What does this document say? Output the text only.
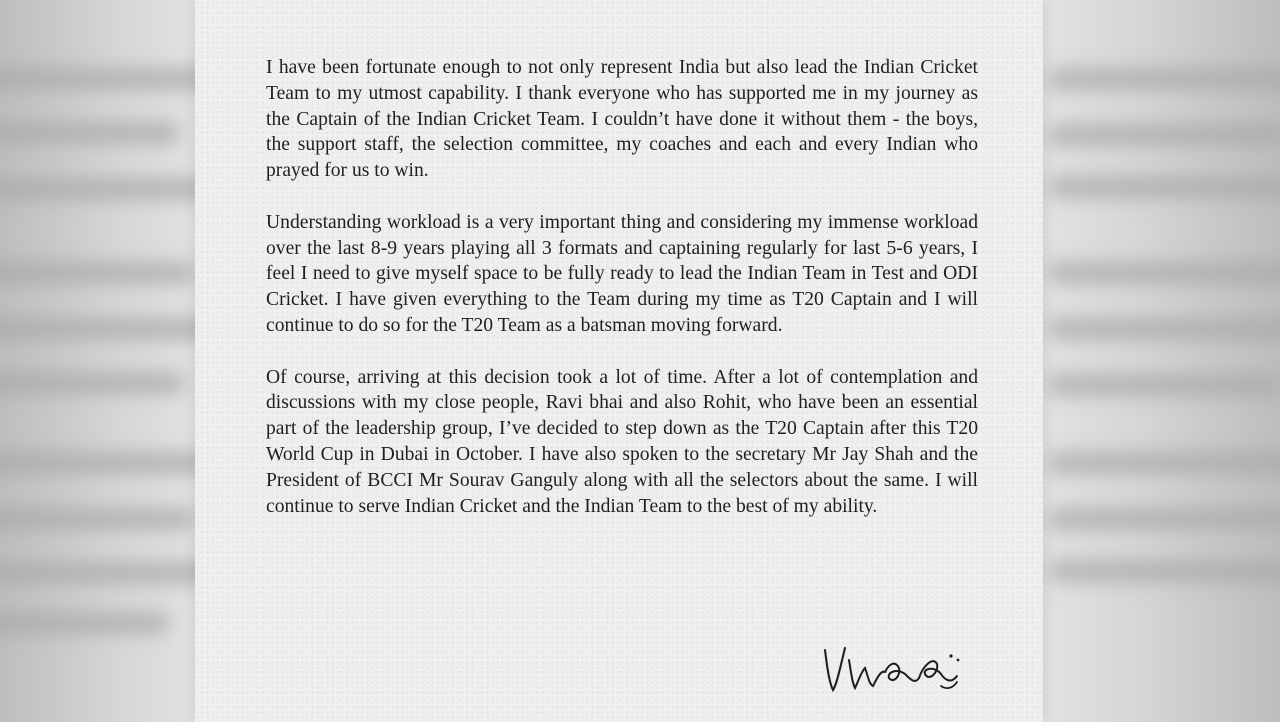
I have been fortunate enough to not only represent India but also lead the Indian Cricket Team to my utmost capability. I thank everyone who has supported me in my journey as the Captain of the Indian Cricket Team. I couldn’t have done it without them - the boys, the support staff, the selection committee, my coaches and each and every Indian who prayed for us to win.

Understanding workload is a very important thing and considering my immense workload over the last 8-9 years playing all 3 formats and captaining regularly for last 5-6 years, I feel I need to give myself space to be fully ready to lead the Indian Team in Test and ODI Cricket. I have given everything to the Team during my time as T20 Captain and I will continue to do so for the T20 Team as a batsman moving forward.

Of course, arriving at this decision took a lot of time. After a lot of contemplation and discussions with my close people, Ravi bhai and also Rohit, who have been an essential part of the leadership group, I’ve decided to step down as the T20 Captain after this T20 World Cup in Dubai in October. I have also spoken to the secretary Mr Jay Shah and the President of BCCI Mr Sourav Ganguly along with all the selectors about the same. I will continue to serve Indian Cricket and the Indian Team to the best of my ability.
